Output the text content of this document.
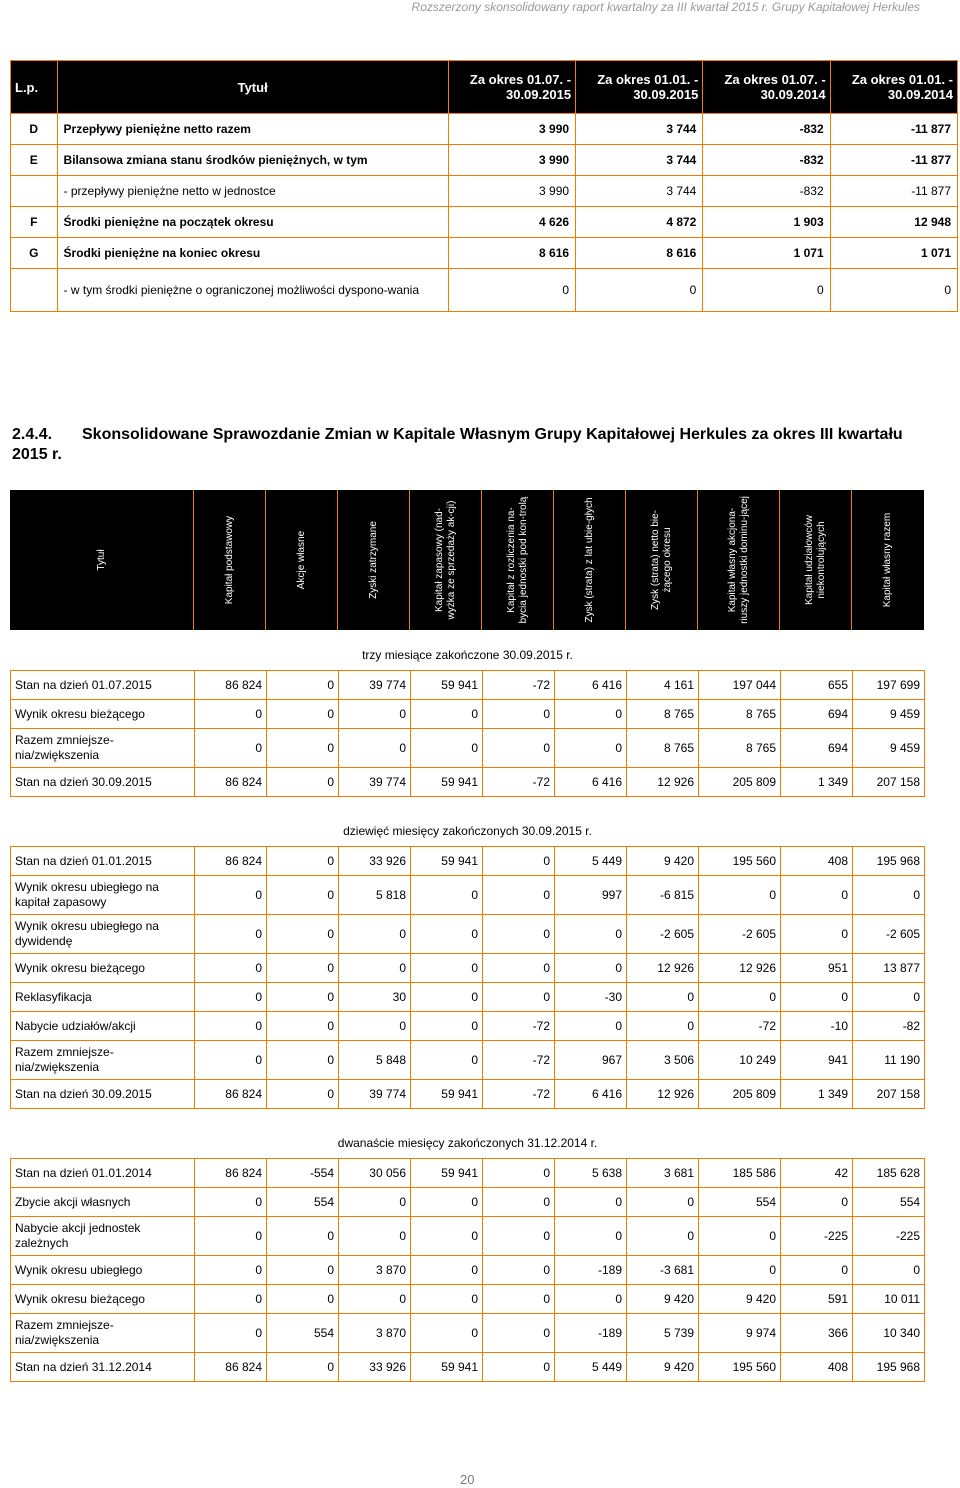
Rozszerzony skonsolidowany raport kwartalny za III kwartał 2015 r. Grupy Kapitałowej Herkules
L.p.	Tytuł	Za okres 01.07. - 30.09.2015	Za okres 01.01. - 30.09.2015	Za okres 01.07. - 30.09.2014	Za okres 01.01. - 30.09.2014
D	Przepływy pieniężne netto razem	3 990	3 744	-832	-11 877
E	Bilansowa zmiana stanu środków pieniężnych, w tym	3 990	3 744	-832	-11 877
	- przepływy pieniężne netto w jednostce	3 990	3 744	-832	-11 877
F	Środki pieniężne na początek okresu	4 626	4 872	1 903	12 948
G	Środki pieniężne na koniec okresu	8 616	8 616	1 071	1 071
	- w tym środki pieniężne o ograniczonej możliwości dyspono-wania	0	0	0	0
2.4.4. Skonsolidowane Sprawozdanie Zmian w Kapitale Własnym Grupy Kapitałowej Herkules za okres III kwartału 2015 r.
Tytuł	Kapitał podstawowy	Akcje własne	Zyski zatrzymane	Kapitał zapasowy (nad-wyżka ze sprzedaży ak-cji)	Kapitał z rozliczenia na-bycia jednostki pod kon-trolą	Zysk (strata) z lat ubie-głych	Zysk (strata) netto bie-żącego okresu	Kapitał własny akcjona-riuszy jednostki dominu-jącej	Kapitał udziałowców niekontrolujących	Kapitał własny razem
trzy miesiące zakończone 30.09.2015 r.										
Stan na dzień 01.07.2015	86 824	0	39 774	59 941	-72	6 416	4 161	197 044	655	197 699
Wynik okresu bieżącego	0	0	0	0	0	0	8 765	8 765	694	9 459
Razem zmniejsze-nia/zwiększenia	0	0	0	0	0	0	8 765	8 765	694	9 459
Stan na dzień 30.09.2015	86 824	0	39 774	59 941	-72	6 416	12 926	205 809	1 349	207 158
dziewięć miesięcy zakończonych 30.09.2015 r.										
Stan na dzień 01.01.2015	86 824	0	33 926	59 941	0	5 449	9 420	195 560	408	195 968
Wynik okresu ubiegłego na kapitał zapasowy	0	0	5 818	0	0	997	-6 815	0	0	0
Wynik okresu ubiegłego na dywidendę	0	0	0	0	0	0	-2 605	-2 605	0	-2 605
Wynik okresu bieżącego	0	0	0	0	0	0	12 926	12 926	951	13 877
Reklasyfikacja	0	0	30	0	0	-30	0	0	0	0
Nabycie udziałów/akcji	0	0	0	0	-72	0	0	-72	-10	-82
Razem zmniejsze-nia/zwiększenia	0	0	5 848	0	-72	967	3 506	10 249	941	11 190
Stan na dzień 30.09.2015	86 824	0	39 774	59 941	-72	6 416	12 926	205 809	1 349	207 158
dwanaście miesięcy zakończonych 31.12.2014 r.										
Stan na dzień 01.01.2014	86 824	-554	30 056	59 941	0	5 638	3 681	185 586	42	185 628
Zbycie akcji własnych	0	554	0	0	0	0	0	554	0	554
Nabycie akcji jednostek zależnych	0	0	0	0	0	0	0	0	-225	-225
Wynik okresu ubiegłego	0	0	3 870	0	0	-189	-3 681	0	0	0
Wynik okresu bieżącego	0	0	0	0	0	0	9 420	9 420	591	10 011
Razem zmniejsze-nia/zwiększenia	0	554	3 870	0	0	-189	5 739	9 974	366	10 340
Stan na dzień 31.12.2014	86 824	0	33 926	59 941	0	5 449	9 420	195 560	408	195 968
20
